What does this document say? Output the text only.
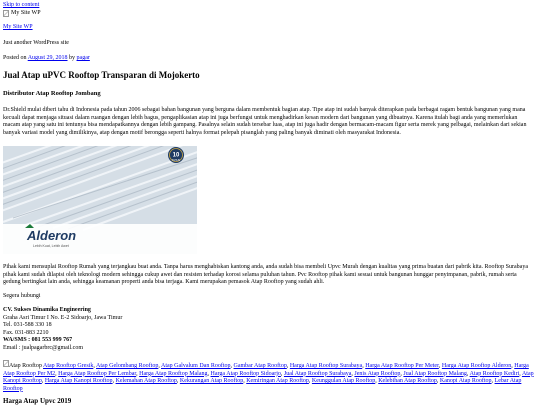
Skip to content
My Site WP
My Site WP
Just another WordPress site
Posted on August 29, 2018 by pagar
Jual Atap uPVC Rooftop Transparan di Mojokerto
Distributor Atap Rooftop Jombang

Dr.Shield mulai diberi tahu di Indonesia pada tahun 2006 sebagai bahan bangunan yang berguna dalam membentuk bagian atap. Tipe atap ini sudah banyak diterapkan pada berbagai ragam bentuk bangunan yang mana kecuali dapat menjaga situasi dalam ruangan dengan lebih bagus, pengaplikasian atap ini juga berfungsi untuk menghadirkan kesan modern dari bangunan yang dibuatnya. Karena itulah bagi anda yang memerlukan macam atap yang satu ini tentunya bisa mendapatkannya dengan lebih gampang. Pasalnya selain sudah tersebar luas, atap ini juga hadir dengan bermacam-macam figur serta merek yang pelbagai, melainkan dari sekian banyak variasi model yang dimilikinya, atap dengan motif berongga seperti halnya format pelepah pisanglah yang paling banyak diminati oleh masyarakat Indonesia.

10
TAHUN
Alderon
Lebih Kuat, Lebih Awet

Pihak kami mensuplai Rooftop Rumah yang terjangkau buat anda. Tanpa harus menghabiskan kantong anda, anda sudah bisa membeli Upvc Murah dengan kualitas yang prima buatan dari pabrik kita. Rooftop Surabaya pihak kami sudah dilapisi oleh teknologi modern sehingga cukup awet dan resisten terhadap korosi selama puluhan tahun. Pvc Rooftop pihak kami sesuai untuk bangunan hunggar penyimpanan, pabrik, rumah serta gedung bertingkat lain anda, sehingga keamanan properti anda bisa terjaga. Kami merupakan pemasok Atap Rooftop yang sudah ahli.

Segera hubungi
CV. Sukses Dinamika Engineering
Graha Asri Timur I No. E-2 Sidoarjo, Jawa Timur
Tel. 031-588 330 18
Fax. 031-883 2210
WA/SMS : 081 553 999 767
Email : jualpagarbrc@gmail.com

Atap Rooftop Atap Rooftop Gresik, Atap Gelombang Rooftop, Atap Galvalum Dan Rooftop, Gambar Atap Rooftop, Harga Atap Rooftop Surabaya, Harga Atap Rooftop Per Meter, Harga Atap Rooftop Alderon, Harga Atap Rooftop Per M2, Harga Atap Rooftop Per Lembar, Harga Atap Rooftop Malang, Harga Atap Rooftop Sidoarjo, Jual Atap Rooftop Surabaya, Jenis Atap Rooftop, Jual Atap Rooftop Malang, Atap Rooftop Kediri, Atap Kanopi Rooftop, Harga Atap Kanopi Rooftop, Kelemahan Atap Rooftop, Kekurangan Atap Rooftop, Kemiringan Atap Rooftop, Keunggulan Atap Rooftop, Kelebihan Atap Rooftop, Kanopi Atap Rooftop, Lebar Atap Rooftop

Harga Atap Upvc 2019
